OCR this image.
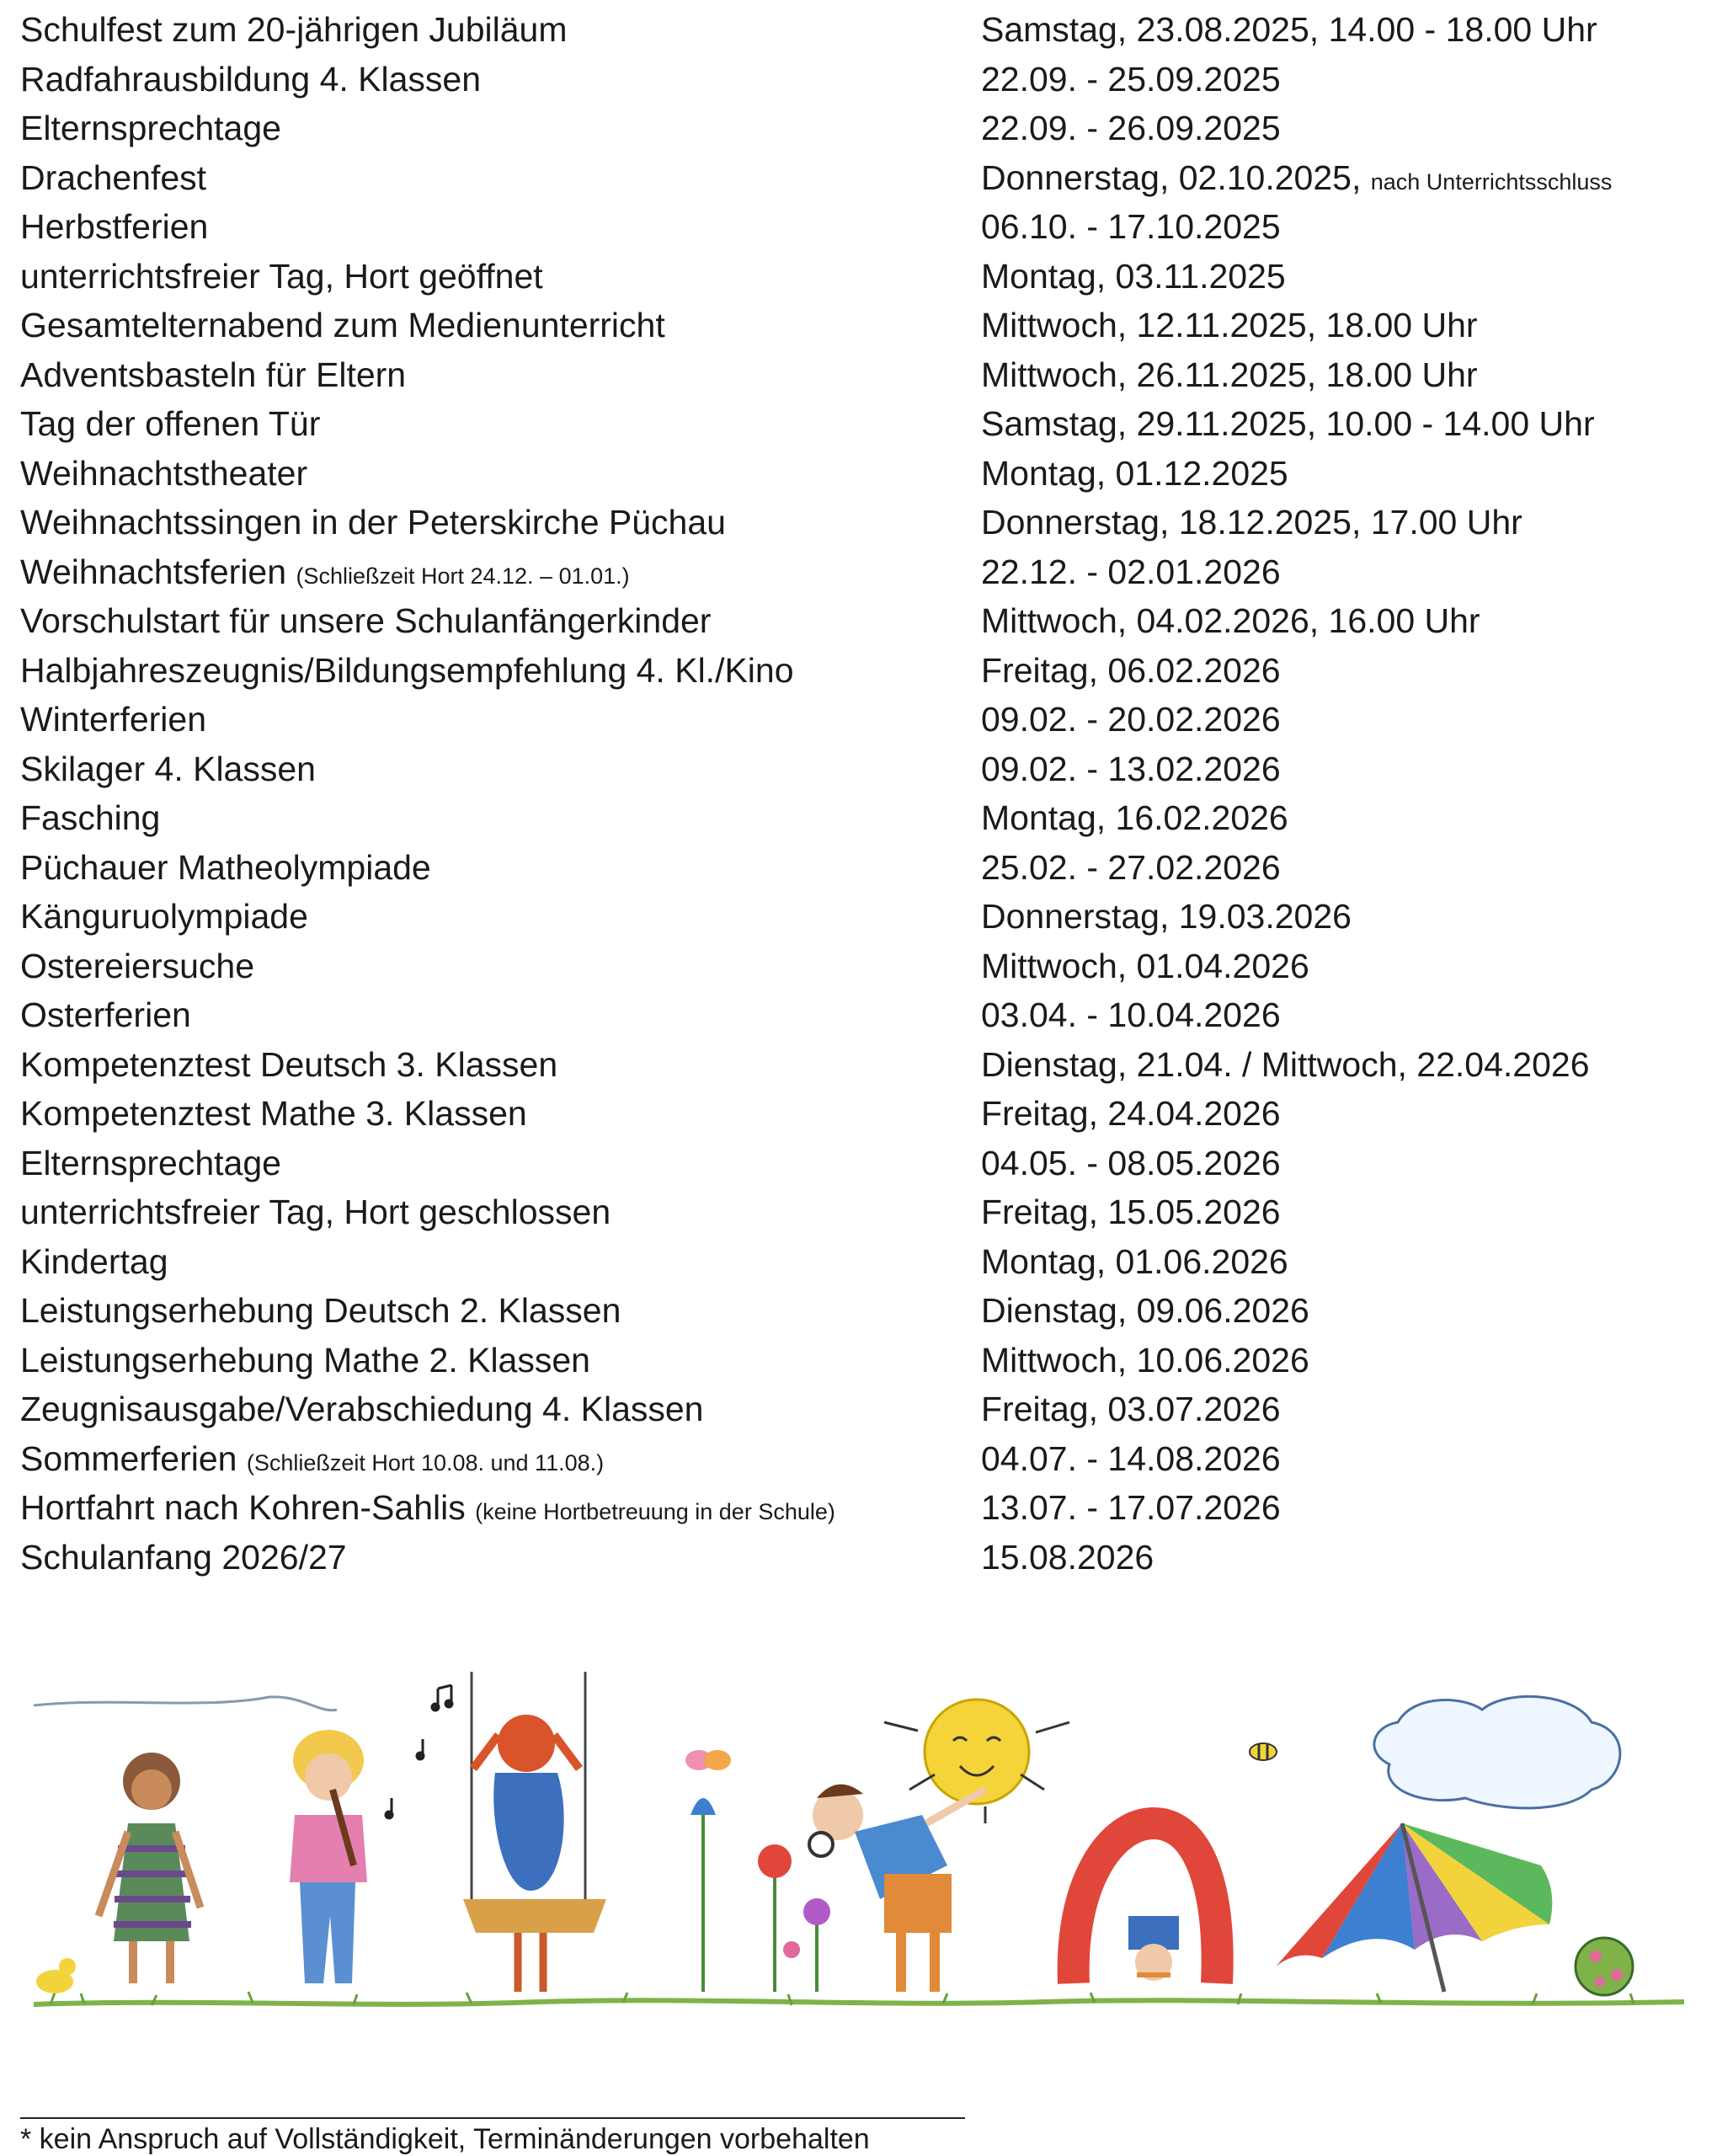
Schulfest zum 20-jährigen Jubiläum	Samstag, 23.08.2025, 14.00 - 18.00 Uhr
Radfahrausbildung 4. Klassen	22.09. - 25.09.2025
Elternsprechtage	22.09. - 26.09.2025
Drachenfest	Donnerstag, 02.10.2025, nach Unterrichtsschluss
Herbstferien	06.10. - 17.10.2025
unterrichtsfreier Tag, Hort geöffnet	Montag, 03.11.2025
Gesamtelternabend zum Medienunterricht	Mittwoch, 12.11.2025, 18.00 Uhr
Adventsbasteln für Eltern	Mittwoch, 26.11.2025, 18.00 Uhr
Tag der offenen Tür	Samstag, 29.11.2025, 10.00 - 14.00 Uhr
Weihnachtstheater	Montag, 01.12.2025
Weihnachtssingen in der Peterskirche Püchau	Donnerstag, 18.12.2025, 17.00 Uhr
Weihnachtsferien (Schließzeit Hort 24.12. – 01.01.)	22.12. - 02.01.2026
Vorschulstart für unsere Schulanfängerkinder	Mittwoch, 04.02.2026, 16.00 Uhr
Halbjahreszeugnis/Bildungsempfehlung 4. Kl./Kino	Freitag, 06.02.2026
Winterferien	09.02. - 20.02.2026
Skilager 4. Klassen	09.02. - 13.02.2026
Fasching	Montag, 16.02.2026
Püchauer Matheolympiade	25.02. - 27.02.2026
Känguruolympiade	Donnerstag, 19.03.2026
Ostereiersuche	Mittwoch, 01.04.2026
Osterferien	03.04. - 10.04.2026
Kompetenztest Deutsch 3. Klassen	Dienstag, 21.04. / Mittwoch, 22.04.2026
Kompetenztest Mathe 3. Klassen	Freitag, 24.04.2026
Elternsprechtage	04.05. - 08.05.2026
unterrichtsfreier Tag, Hort geschlossen	Freitag, 15.05.2026
Kindertag	Montag, 01.06.2026
Leistungserhebung Deutsch 2. Klassen	Dienstag, 09.06.2026
Leistungserhebung Mathe 2. Klassen	Mittwoch, 10.06.2026
Zeugnisausgabe/Verabschiedung 4. Klassen	Freitag, 03.07.2026
Sommerferien (Schließzeit Hort 10.08. und 11.08.)	04.07. - 14.08.2026
Hortfahrt nach Kohren-Sahlis (keine Hortbetreuung in der Schule)	13.07. - 17.07.2026
Schulanfang 2026/27	15.08.2026
* kein Anspruch auf Vollständigkeit, Terminänderungen vorbehalten
